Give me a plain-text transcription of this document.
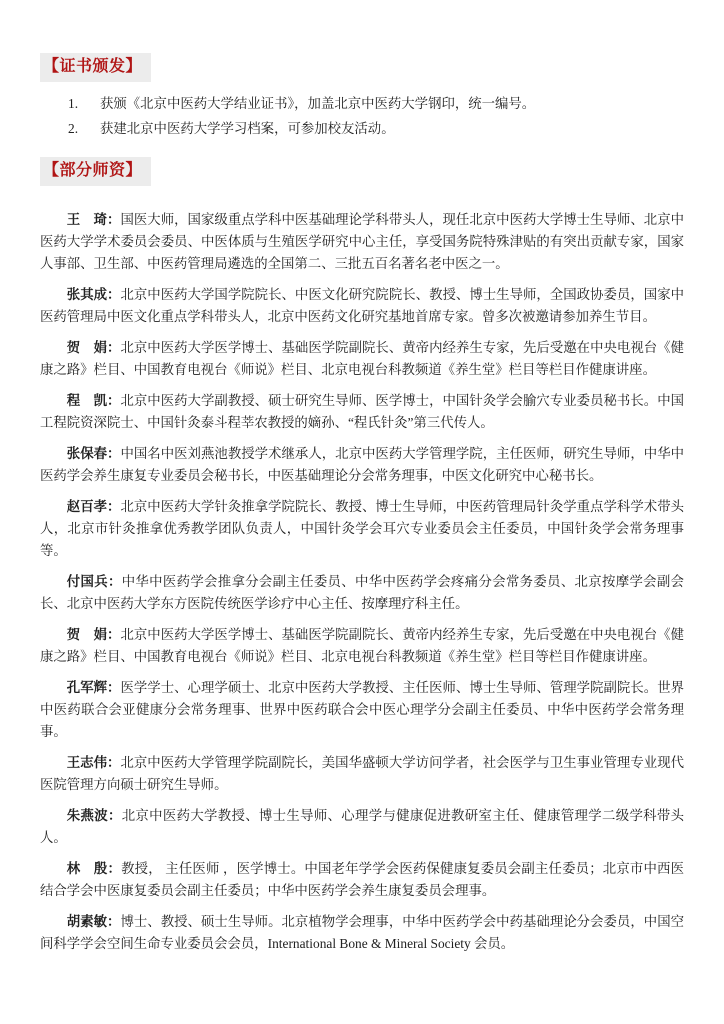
【证书颁发】
1.	获颁《北京中医药大学结业证书》，加盖北京中医药大学钢印，统一编号。
2.	获建北京中医药大学学习档案，可参加校友活动。
【部分师资】

王　琦：国医大师，国家级重点学科中医基础理论学科带头人，现任北京中医药大学博士生导师、北京中医药大学学术委员会委员、中医体质与生殖医学研究中心主任，享受国务院特殊津贴的有突出贡献专家，国家人事部、卫生部、中医药管理局遴选的全国第二、三批五百名著名老中医之一。

张其成：北京中医药大学国学院院长、中医文化研究院院长、教授、博士生导师，全国政协委员，国家中医药管理局中医文化重点学科带头人，北京中医药文化研究基地首席专家。曾多次被邀请参加养生节目。

贺　娟：北京中医药大学医学博士、基础医学院副院长、黄帝内经养生专家，先后受邀在中央电视台《健康之路》栏目、中国教育电视台《师说》栏目、北京电视台科教频道《养生堂》栏目等栏目作健康讲座。

程　凯：北京中医药大学副教授、硕士研究生导师、医学博士，中国针灸学会腧穴专业委员秘书长。中国工程院资深院士、中国针灸泰斗程莘农教授的嫡孙、“程氏针灸”第三代传人。

张保春：中国名中医刘燕池教授学术继承人，北京中医药大学管理学院，主任医师，研究生导师，中华中医药学会养生康复专业委员会秘书长，中医基础理论分会常务理事，中医文化研究中心秘书长。

赵百孝：北京中医药大学针灸推拿学院院长、教授、博士生导师，中医药管理局针灸学重点学科学术带头人，北京市针灸推拿优秀教学团队负责人，中国针灸学会耳穴专业委员会主任委员，中国针灸学会常务理事等。

付国兵：中华中医药学会推拿分会副主任委员、中华中医药学会疼痛分会常务委员、北京按摩学会副会长、北京中医药大学东方医院传统医学诊疗中心主任、按摩理疗科主任。

贺　娟：北京中医药大学医学博士、基础医学院副院长、黄帝内经养生专家，先后受邀在中央电视台《健康之路》栏目、中国教育电视台《师说》栏目、北京电视台科教频道《养生堂》栏目等栏目作健康讲座。

孔军辉：医学学士、心理学硕士、北京中医药大学教授、主任医师、博士生导师、管理学院副院长。世界中医药联合会亚健康分会常务理事、世界中医药联合会中医心理学分会副主任委员、中华中医药学会常务理事。

王志伟：北京中医药大学管理学院副院长，美国华盛顿大学访问学者，社会医学与卫生事业管理专业现代医院管理方向硕士研究生导师。

朱燕波：北京中医药大学教授、博士生导师、心理学与健康促进教研室主任、健康管理学二级学科带头人。

林　殷：教授， 主任医师 ，医学博士。中国老年学学会医药保健康复委员会副主任委员；北京市中西医结合学会中医康复委员会副主任委员；中华中医药学会养生康复委员会理事。

胡素敏：博士、教授、硕士生导师。北京植物学会理事，中华中医药学会中药基础理论分会委员，中国空间科学学会空间生命专业委员会会员，International Bone & Mineral Society 会员。
